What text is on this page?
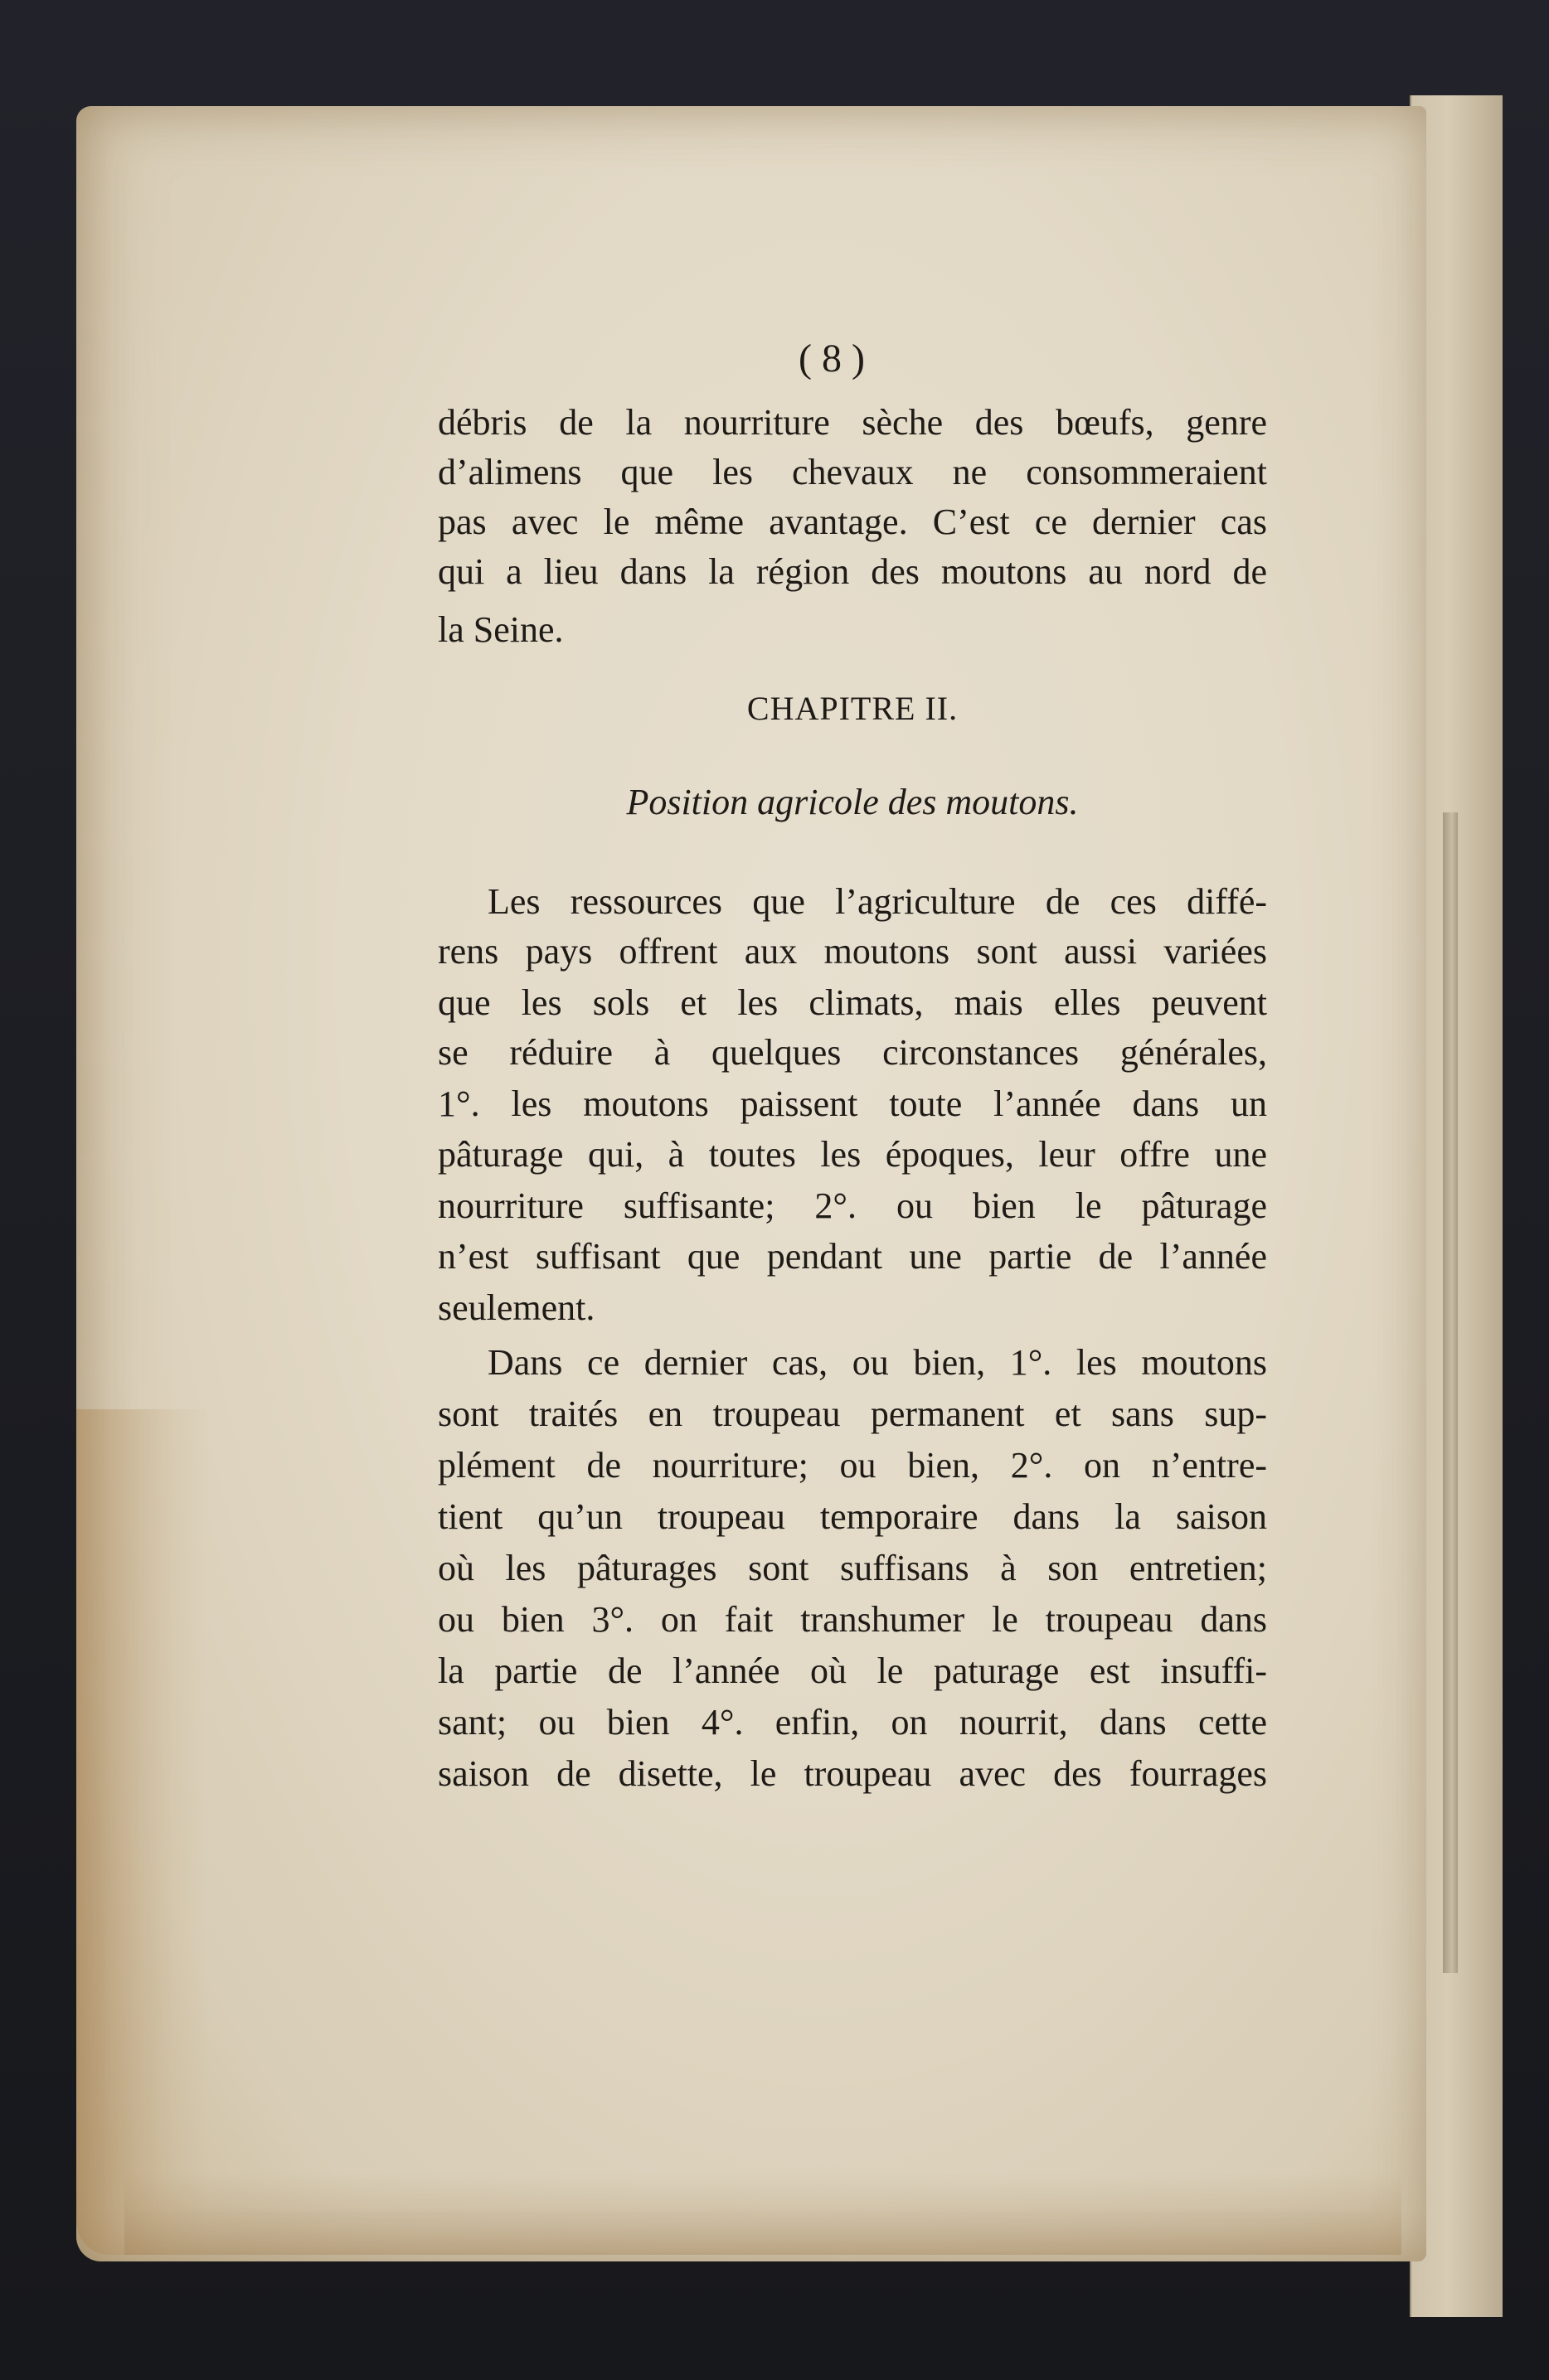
( 8 )
débris de la nourriture sèche des bœufs, genre
d’alimens que les chevaux ne consommeraient
pas avec le même avantage. C’est ce dernier cas
qui a lieu dans la région des moutons au nord de
la Seine.
CHAPITRE II.
Position agricole des moutons.
Les ressources que l’agriculture de ces diffé-
rens pays offrent aux moutons sont aussi variées
que les sols et les climats, mais elles peuvent
se réduire à quelques circonstances générales,
1°. les moutons paissent toute l’année dans un
pâturage qui, à toutes les époques, leur offre une
nourriture suffisante; 2°. ou bien le pâturage
n’est suffisant que pendant une partie de l’année
seulement.
Dans ce dernier cas, ou bien, 1°. les moutons
sont traités en troupeau permanent et sans sup-
plément de nourriture; ou bien, 2°. on n’entre-
tient qu’un troupeau temporaire dans la saison
où les pâturages sont suffisans à son entretien;
ou bien 3°. on fait transhumer le troupeau dans
la partie de l’année où le paturage est insuffi-
sant; ou bien 4°. enfin, on nourrit, dans cette
saison de disette, le troupeau avec des fourrages
